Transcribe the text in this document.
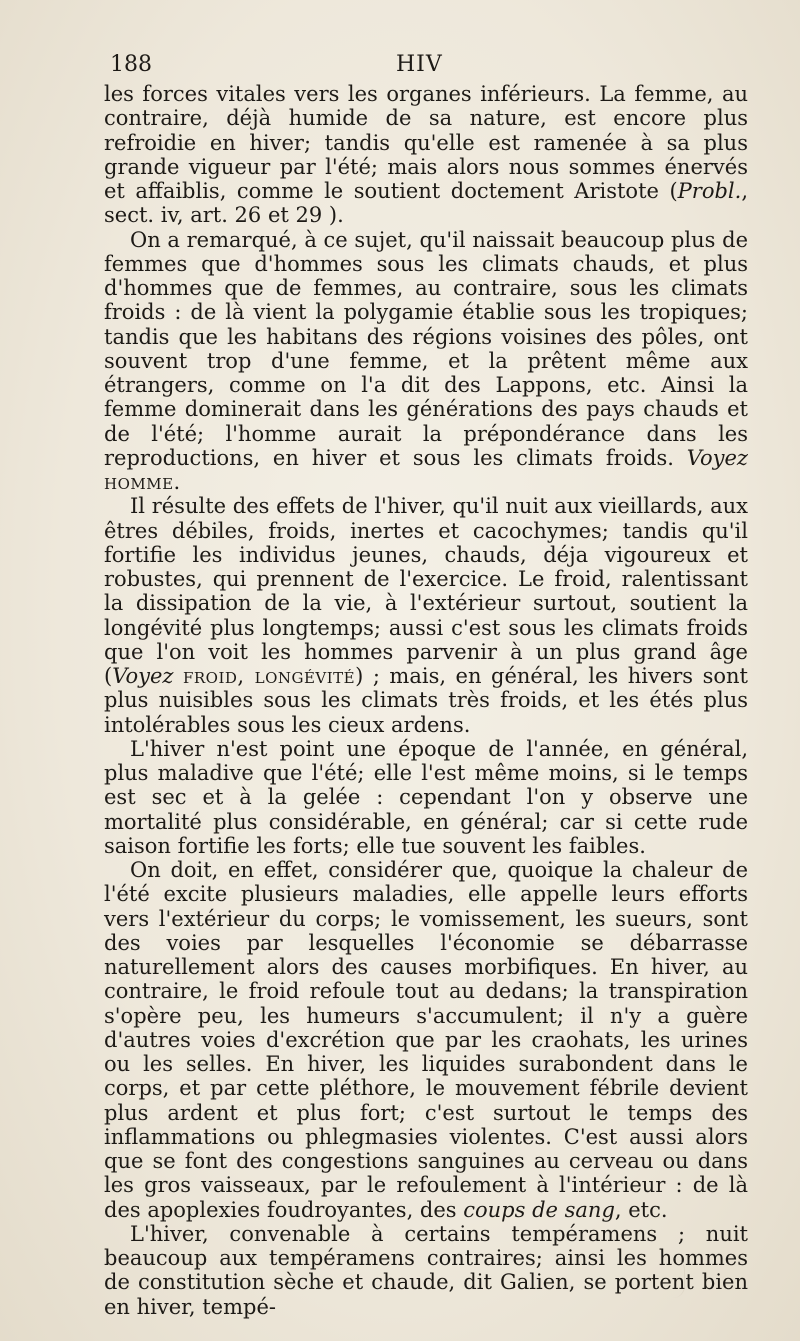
188	HIV

les forces vitales vers les organes inférieurs. La femme, au contraire, déjà humide de sa nature, est encore plus refroidie en hiver; tandis qu'elle est ramenée à sa plus grande vigueur par l'été; mais alors nous sommes énervés et affaiblis, comme le soutient doctement Aristote (Probl., sect. iv, art. 26 et 29 ).

On a remarqué, à ce sujet, qu'il naissait beaucoup plus de femmes que d'hommes sous les climats chauds, et plus d'hommes que de femmes, au contraire, sous les climats froids : de là vient la polygamie établie sous les tropiques; tandis que les habitans des régions voisines des pôles, ont souvent trop d'une femme, et la prêtent même aux étrangers, comme on l'a dit des Lappons, etc. Ainsi la femme dominerait dans les générations des pays chauds et de l'été; l'homme aurait la prépondérance dans les reproductions, en hiver et sous les climats froids. Voyez homme.

Il résulte des effets de l'hiver, qu'il nuit aux vieillards, aux êtres débiles, froids, inertes et cacochymes; tandis qu'il fortifie les individus jeunes, chauds, déja vigoureux et robustes, qui prennent de l'exercice. Le froid, ralentissant la dissipation de la vie, à l'extérieur surtout, soutient la longévité plus longtemps; aussi c'est sous les climats froids que l'on voit les hommes parvenir à un plus grand âge (Voyez froid, longévité) ; mais, en général, les hivers sont plus nuisibles sous les climats très froids, et les étés plus intolérables sous les cieux ardens.

L'hiver n'est point une époque de l'année, en général, plus maladive que l'été; elle l'est même moins, si le temps est sec et à la gelée : cependant l'on y observe une mortalité plus considérable, en général; car si cette rude saison fortifie les forts; elle tue souvent les faibles.

On doit, en effet, considérer que, quoique la chaleur de l'été excite plusieurs maladies, elle appelle leurs efforts vers l'extérieur du corps; le vomissement, les sueurs, sont des voies par lesquelles l'économie se débarrasse naturellement alors des causes morbifiques. En hiver, au contraire, le froid refoule tout au dedans; la transpiration s'opère peu, les humeurs s'accumulent; il n'y a guère d'autres voies d'excrétion que par les craohats, les urines ou les selles. En hiver, les liquides surabondent dans le corps, et par cette pléthore, le mouvement fébrile devient plus ardent et plus fort; c'est surtout le temps des inflammations ou phlegmasies violentes. C'est aussi alors que se font des congestions sanguines au cerveau ou dans les gros vaisseaux, par le refoulement à l'intérieur : de là des apoplexies foudroyantes, des coups de sang, etc.

L'hiver, convenable à certains tempéramens ; nuit beaucoup aux tempéramens contraires; ainsi les hommes de constitution sèche et chaude, dit Galien, se portent bien en hiver, tempé-
